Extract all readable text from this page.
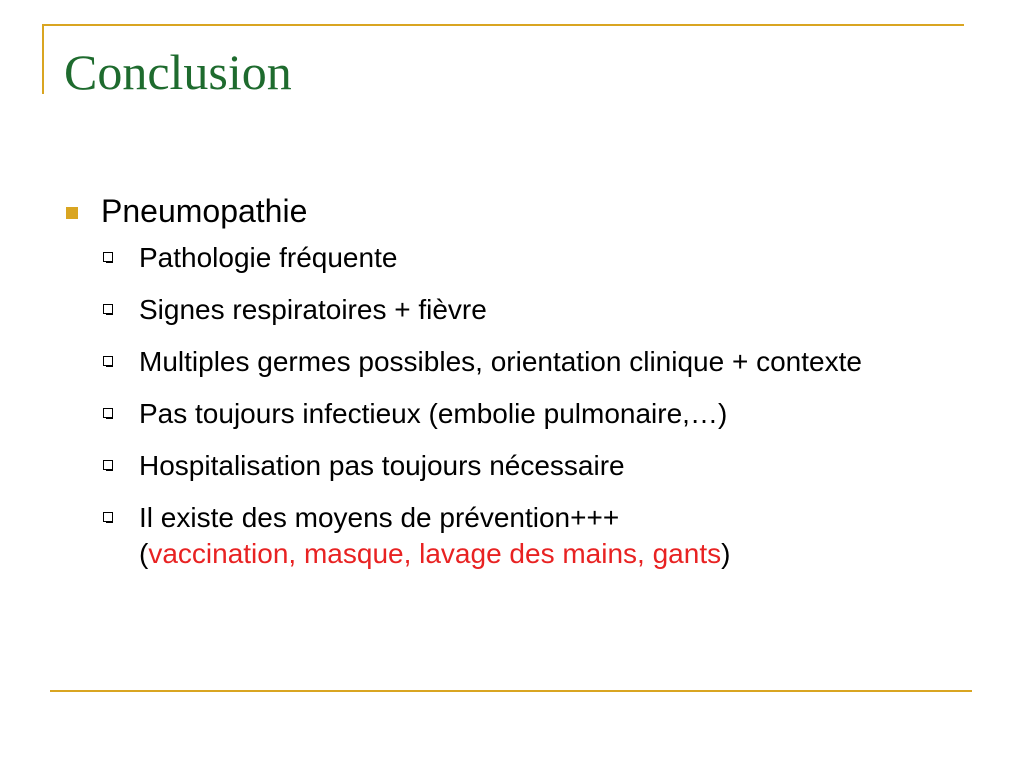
Conclusion
Pneumopathie
Pathologie fréquente
Signes respiratoires + fièvre
Multiples germes possibles, orientation clinique + contexte
Pas toujours infectieux (embolie pulmonaire,…)
Hospitalisation pas toujours nécessaire
Il existe des moyens de prévention+++
(vaccination, masque, lavage des mains, gants)
